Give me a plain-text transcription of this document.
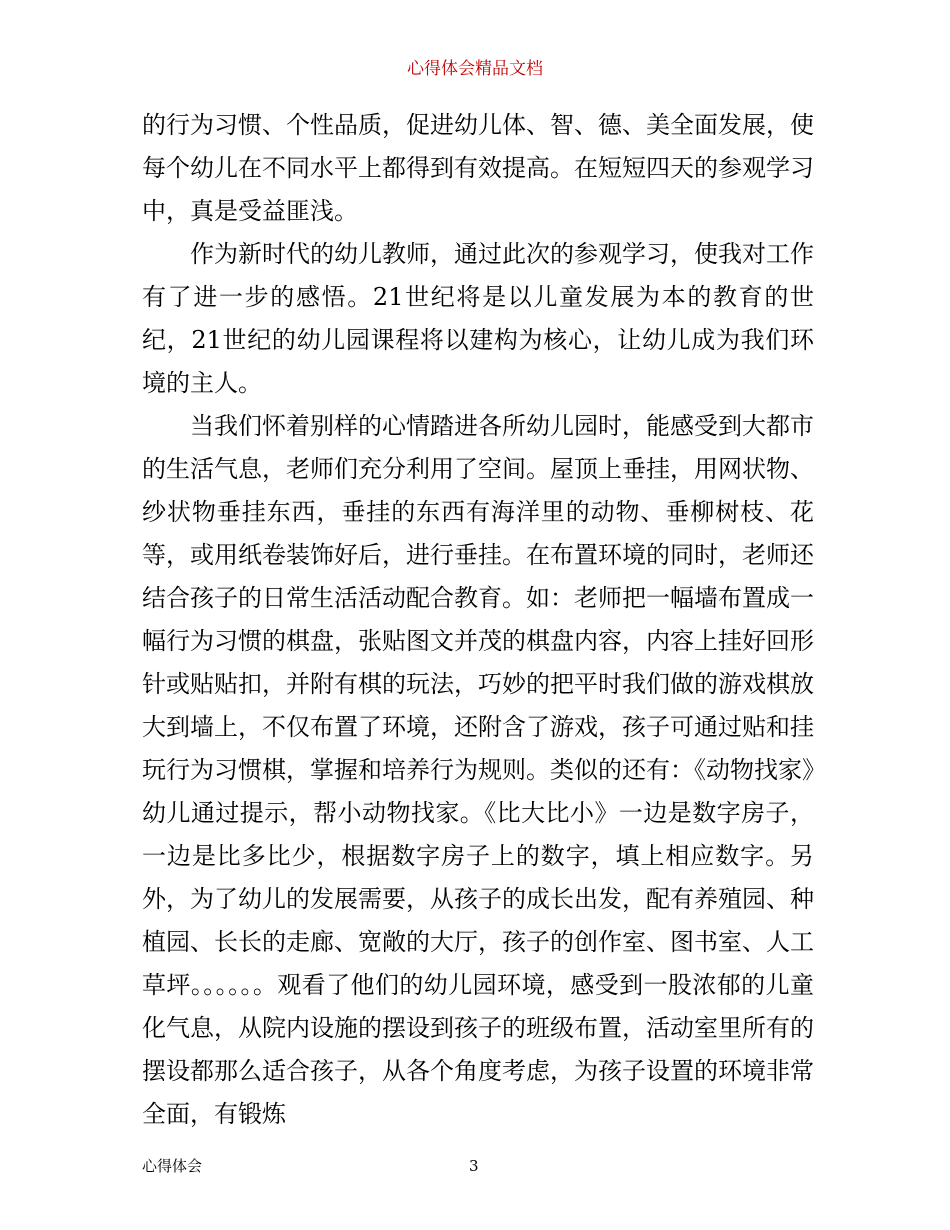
心得体会精品文档

的行为习惯、个性品质，促进幼儿体、智、德、美全面发展，使每个幼儿在不同水平上都得到有效提高。在短短四天的参观学习中，真是受益匪浅。

作为新时代的幼儿教师，通过此次的参观学习，使我对工作有了进一步的感悟。21世纪将是以儿童发展为本的教育的世纪，21世纪的幼儿园课程将以建构为核心，让幼儿成为我们环境的主人。

当我们怀着别样的心情踏进各所幼儿园时，能感受到大都市的生活气息，老师们充分利用了空间。屋顶上垂挂，用网状物、纱状物垂挂东西，垂挂的东西有海洋里的动物、垂柳树枝、花等，或用纸卷装饰好后，进行垂挂。在布置环境的同时，老师还结合孩子的日常生活活动配合教育。如：老师把一幅墙布置成一幅行为习惯的棋盘，张贴图文并茂的棋盘内容，内容上挂好回形针或贴贴扣，并附有棋的玩法，巧妙的把平时我们做的游戏棋放大到墙上，不仅布置了环境，还附含了游戏，孩子可通过贴和挂玩行为习惯棋，掌握和培养行为规则。类似的还有：《动物找家》幼儿通过提示，帮小动物找家。《比大比小》一边是数字房子，一边是比多比少，根据数字房子上的数字，填上相应数字。另外，为了幼儿的发展需要，从孩子的成长出发，配有养殖园、种植园、长长的走廊、宽敞的大厅，孩子的创作室、图书室、人工草坪。。。。。。观看了他们的幼儿园环境，感受到一股浓郁的儿童化气息，从院内设施的摆设到孩子的班级布置，活动室里所有的摆设都那么适合孩子，从各个角度考虑，为孩子设置的环境非常全面，有锻炼

心得体会	3
